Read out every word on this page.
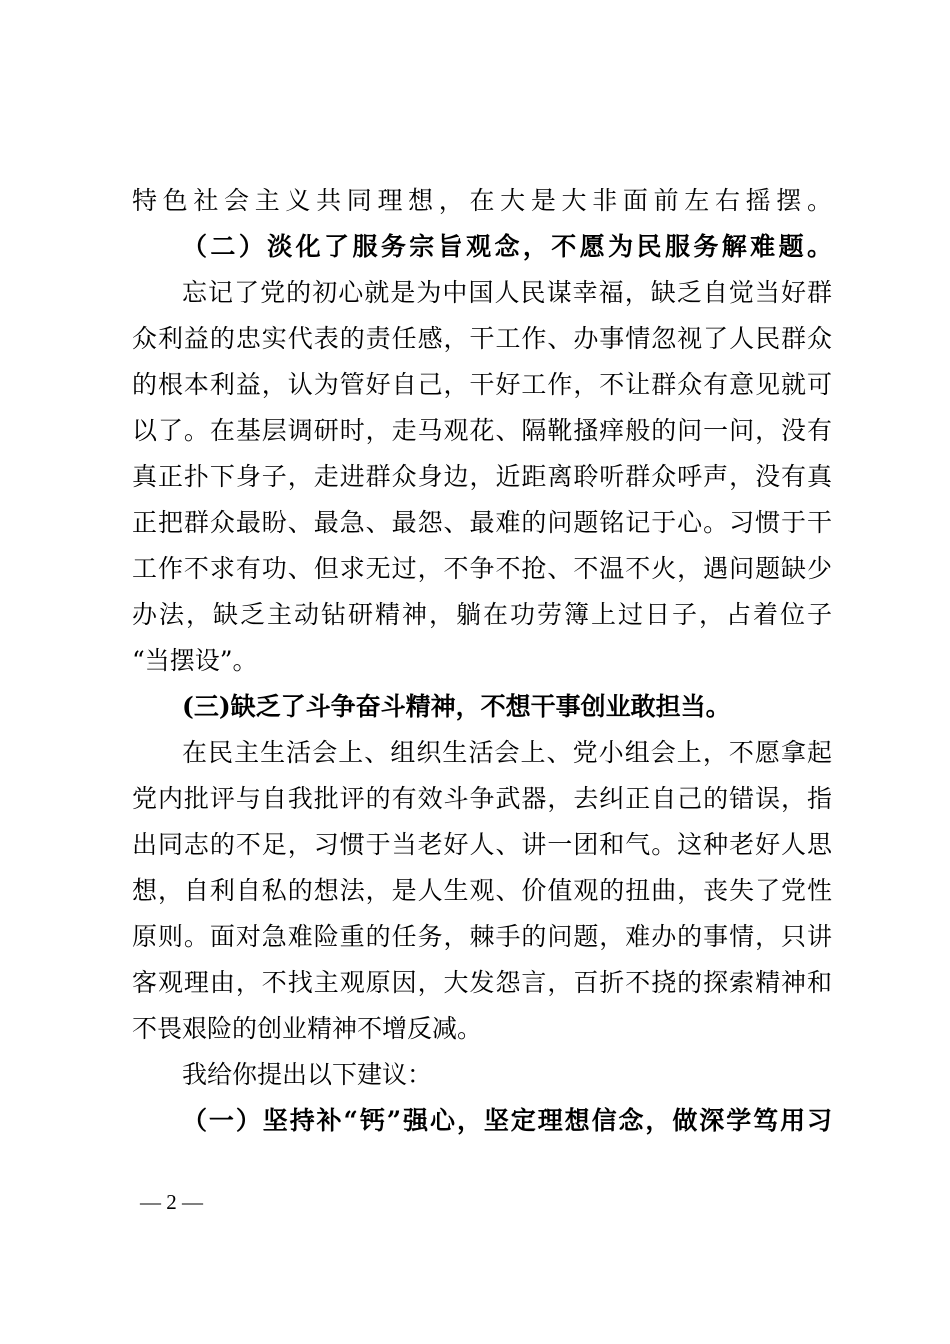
特色社会主义共同理想，在大是大非面前左右摇摆。
（二）淡化了服务宗旨观念，不愿为民服务解难题。
忘记了党的初心就是为中国人民谋幸福，缺乏自觉当好群
众利益的忠实代表的责任感，干工作、办事情忽视了人民群众
的根本利益，认为管好自己，干好工作，不让群众有意见就可
以了。在基层调研时，走马观花、隔靴搔痒般的问一问，没有
真正扑下身子，走进群众身边，近距离聆听群众呼声，没有真
正把群众最盼、最急、最怨、最难的问题铭记于心。习惯于干
工作不求有功、但求无过，不争不抢、不温不火，遇问题缺少
办法，缺乏主动钻研精神，躺在功劳簿上过日子，占着位子
“当摆设”。
(三)缺乏了斗争奋斗精神，不想干事创业敢担当。
在民主生活会上、组织生活会上、党小组会上，不愿拿起
党内批评与自我批评的有效斗争武器，去纠正自己的错误，指
出同志的不足，习惯于当老好人、讲一团和气。这种老好人思
想，自利自私的想法，是人生观、价值观的扭曲，丧失了党性
原则。面对急难险重的任务，棘手的问题，难办的事情，只讲
客观理由，不找主观原因，大发怨言，百折不挠的探索精神和
不畏艰险的创业精神不增反减。
我给你提出以下建议：
（一）坚持补“钙”强心，坚定理想信念，做深学笃用习
— 2 —
